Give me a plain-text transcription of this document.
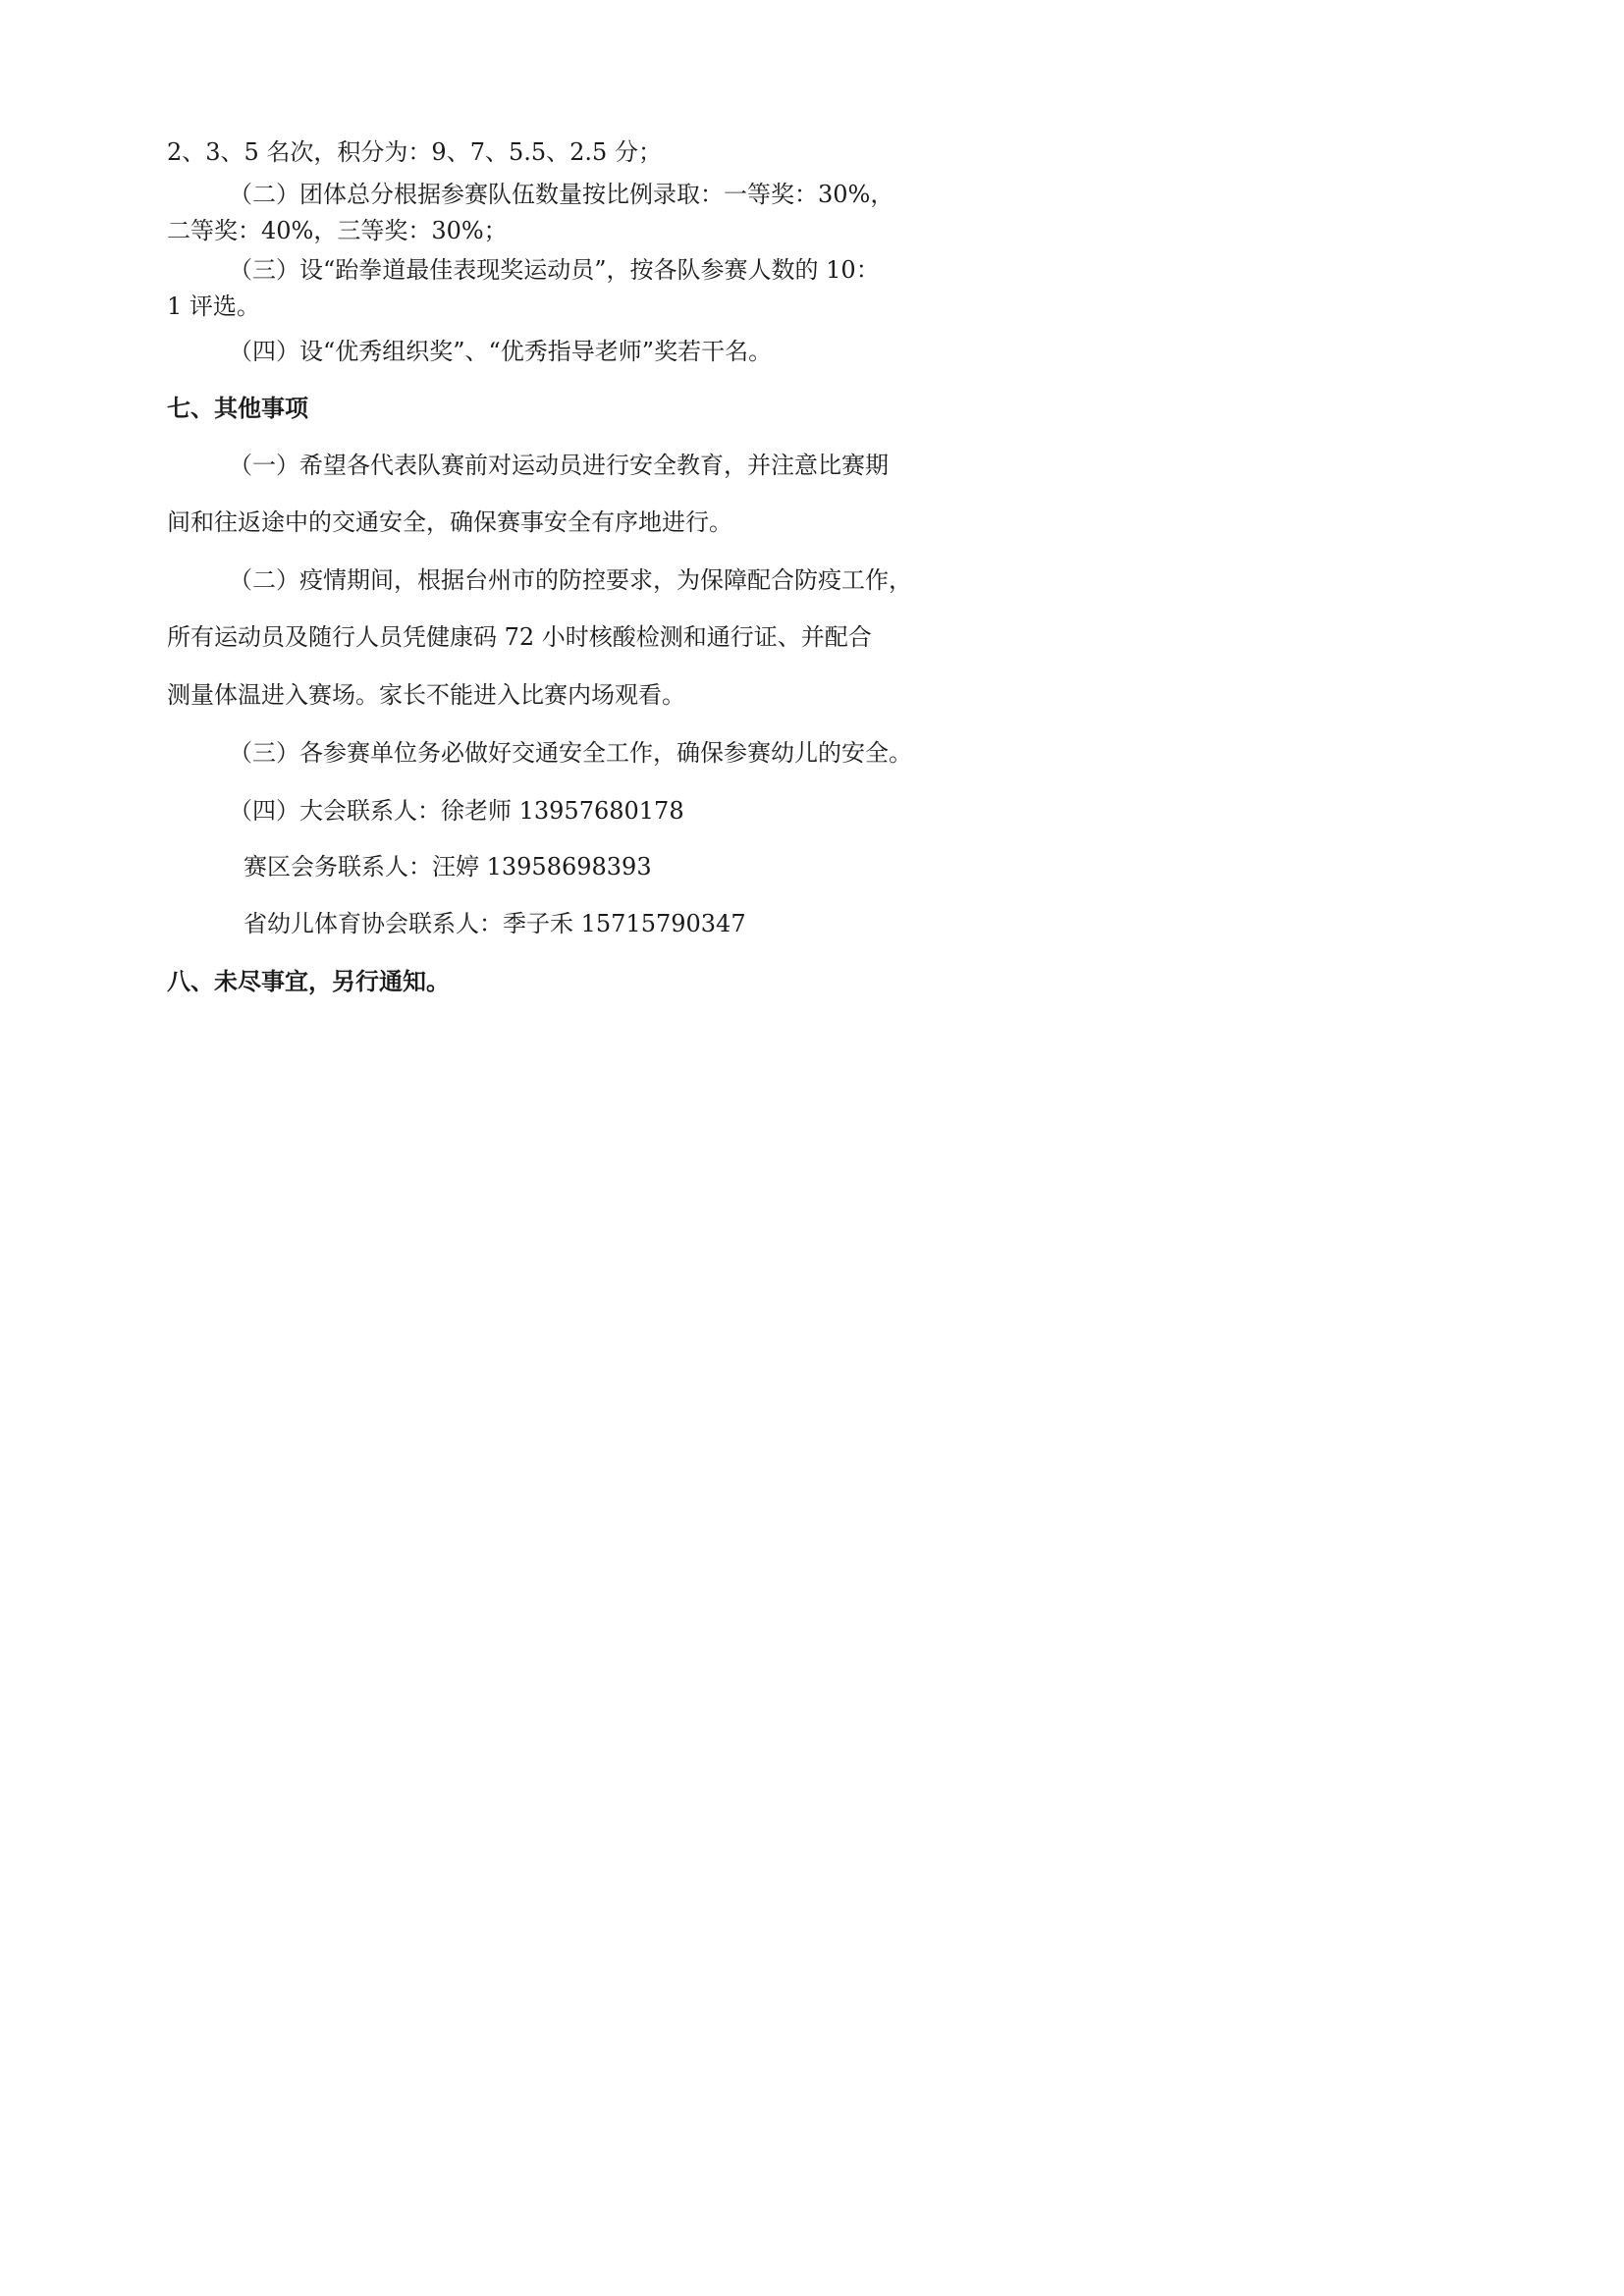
2、3、5 名次，积分为：9、7、5.5、2.5 分；
（二）团体总分根据参赛队伍数量按比例录取：一等奖：30%，
二等奖：40%，三等奖：30%；
（三）设“跆拳道最佳表现奖运动员”，按各队参赛人数的 10：
1 评选。
（四）设“优秀组织奖”、“优秀指导老师”奖若干名。
七、其他事项
（一）希望各代表队赛前对运动员进行安全教育，并注意比赛期
间和往返途中的交通安全，确保赛事安全有序地进行。
（二）疫情期间，根据台州市的防控要求，为保障配合防疫工作，
所有运动员及随行人员凭健康码 72 小时核酸检测和通行证、并配合
测量体温进入赛场。家长不能进入比赛内场观看。
（三）各参赛单位务必做好交通安全工作，确保参赛幼儿的安全。
（四）大会联系人：徐老师 13957680178
赛区会务联系人：汪婷 13958698393
省幼儿体育协会联系人：季子禾 15715790347
八、未尽事宜，另行通知。
